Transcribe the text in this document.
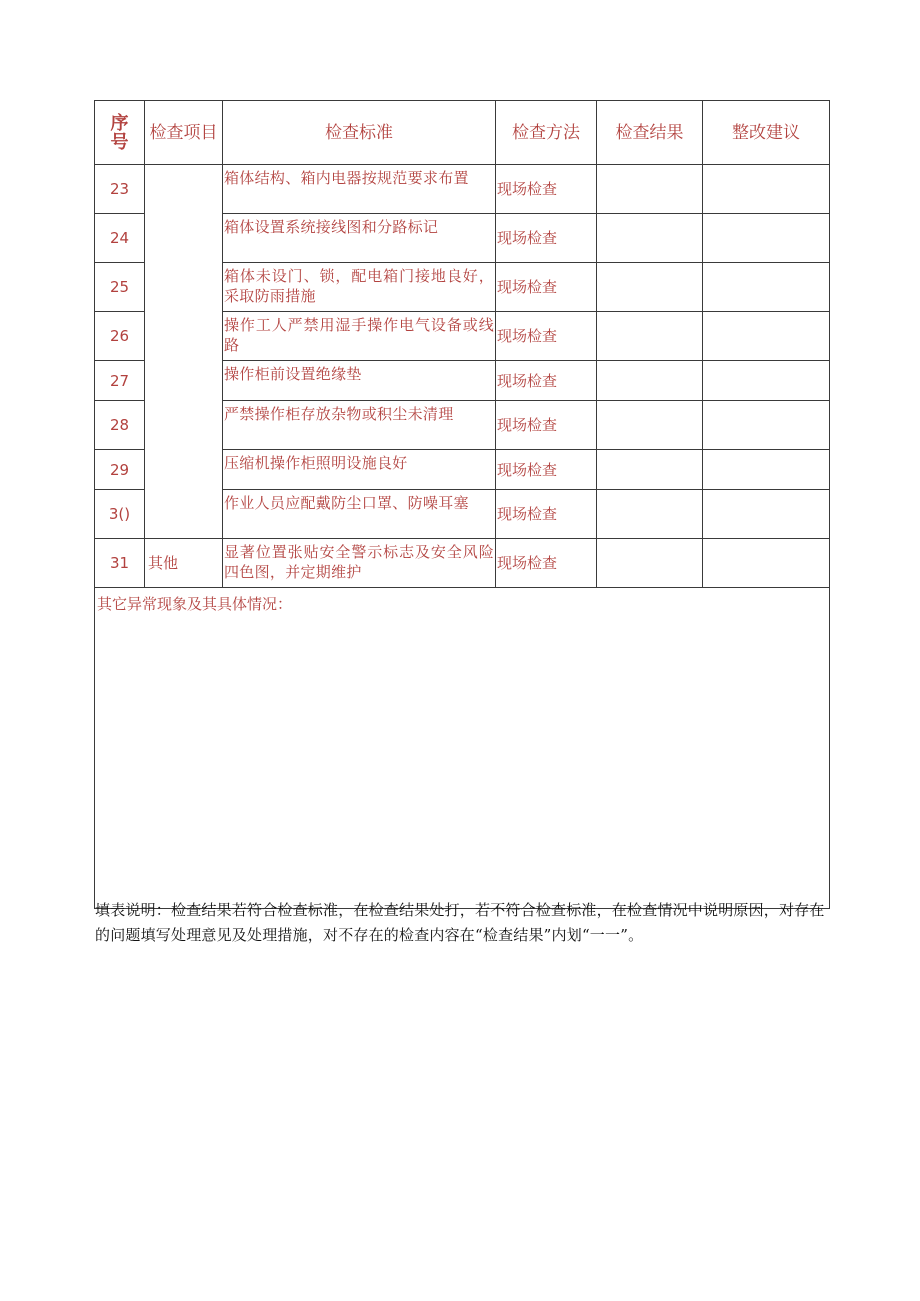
序
号	检查项目	检查标准	检查方法	检查结果	整改建议
23		箱体结构、箱内电器按规范要求布置	现场检查		
24		箱体设置系统接线图和分路标记	现场检查		
25		箱体未设门、锁，配电箱门接地良好，采取防雨措施	现场检查		
26		操作工人严禁用湿手操作电气设备或线路	现场检查		
27		操作柜前设置绝缘垫	现场检查		
28		严禁操作柜存放杂物或积尘未清理	现场检查		
29		压缩机操作柜照明设施良好	现场检查		
3()		作业人员应配戴防尘口罩、防噪耳塞	现场检查		
31	其他	显著位置张贴安全警示标志及安全风险四色图，并定期维护	现场检查		
其它异常现象及其具体情况：					
填表说明：检查结果若符合检查标准，在检查结果处打，若不符合检查标准，在检查情况中说明原因，对存在的问题填写处理意见及处理措施，对不存在的检查内容在“检查结果”内划“一一”。
